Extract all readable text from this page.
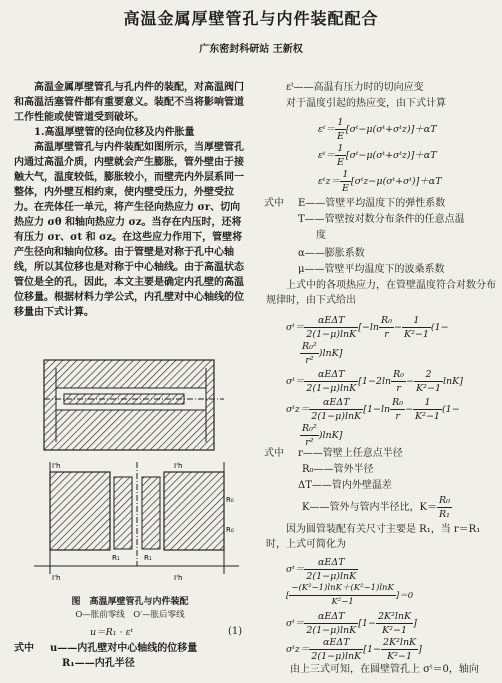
高温金属厚壁管孔与内件装配配合
广东密封科研站 王新权

高温金属厚壁管孔与孔内件的装配，对高温阀门和高温活塞管件都有重要意义。装配不当将影响管道工作性能或使管道受到破坏。

1.高温厚壁管的径向位移及内件胀量

高温厚壁管孔与内件装配如图所示，当厚壁管孔内通过高温介质，内壁就会产生膨胀，管外壁由于接触大气，温度较低，膨胀较小，而壁壳内外层系同一整体，内外壁互相约束，使内壁受压力，外壁受拉力。在壳体任一单元，将产生径向热应力 σr、切向热应力 σθ 和轴向热应力 σz。当存在内压时，还将有压力 σr、σt 和 σz。在这些应力作用下，管壁将产生径向和轴向位移。由于管壁是对称于孔中心轴线，所以其位移也是对称于中心轴线。由于高温状态管位是全的孔，因此，本文主要是确定内孔壁的高温位移量。根据材料力学公式，内孔壁对中心轴线的位移量由下式计算。

I'h	I'h
I'h	I'h
R₁
R₀
R₁
R₀
图　高温厚壁管孔与内件装配
O—胀前零线　O′—胀后零线
u＝R₁ · εᵗ	(1)
式中 u——内孔壁对中心轴线的位移量
R₁——内孔半径
εᵗ——高温有压力时的切向应变
对于温度引起的热应变，由下式计算
εᵗ＝ $\frac{1}{E}$ [σᵗ−μ(σᵗ+σᵗz)]＋αT
εᵗ＝ $\frac{1}{E}$ [σᵗ−μ(σᵗ+σᵗz)]＋αT
εᵗz＝ $\frac{1}{E}$ [σᵗz−μ(σᵗ+σᵗ)]＋αT
式中 E——管壁平均温度下的弹性系数
T——管壁按对数分布条件的任意点温
度
α——膨胀系数
μ——管壁平均温度下的波桑系数

上式中的各项热应力，在管壁温度符合对数分布规律时，由下式给出

σᵗ＝ $\frac{\text{αEΔT}}{2(1-\mu)\ln K} [-\ln \frac{\text{R₀}}{r} - \frac{1}{\text{K²−1}} (1-$
$\frac{\text{R₀²}}{\text{r²}} )\ln K$]
σᵗ＝ $\frac{\text{αEΔT}}{2(1-\mu)\ln K} [1-2\ln \frac{\text{R₀}}{r} - \frac{2}{\text{K²−1}} \ln K]$
σᵗz＝ $\frac{\text{αEΔT}}{2(1-\mu)\ln K} [1-\ln \frac{\text{R₀}}{r} - \frac{1}{\text{K²−1}} (1-$
$\frac{\text{R₀²}}{\text{r²}} )\ln K$]
式中 r——管壁上任意点半径
R₀——管外半径
ΔT——管内外壁温差
K——管外与管内半径比，$K= \frac{\text{R₀}}{\text{R₁}}$

因为圆管装配有关尺寸主要是 R₁，当 r＝R₁时，上式可简化为

σᵗ＝ $\frac{\text{αEΔT}}{2(1-\mu)\ln K}$
[ $\frac{\text{−(K²−1)lnK＋(K²−1)lnK}}{\text{K²−1}} ]=0$
σᵗ＝ $\frac{\text{αEΔT}}{2(1-\mu)\ln K} [1- \frac{\text{2K²lnK}}{\text{K²−1}}$ ]
σᵗz＝ $\frac{\text{αEΔT}}{2(1-\mu)\ln K} [1- \frac{\text{2K²lnK}}{\text{K²−1}}$ ]
由上三式可知，在圆壁管孔上 σᵗ＝0，轴向
